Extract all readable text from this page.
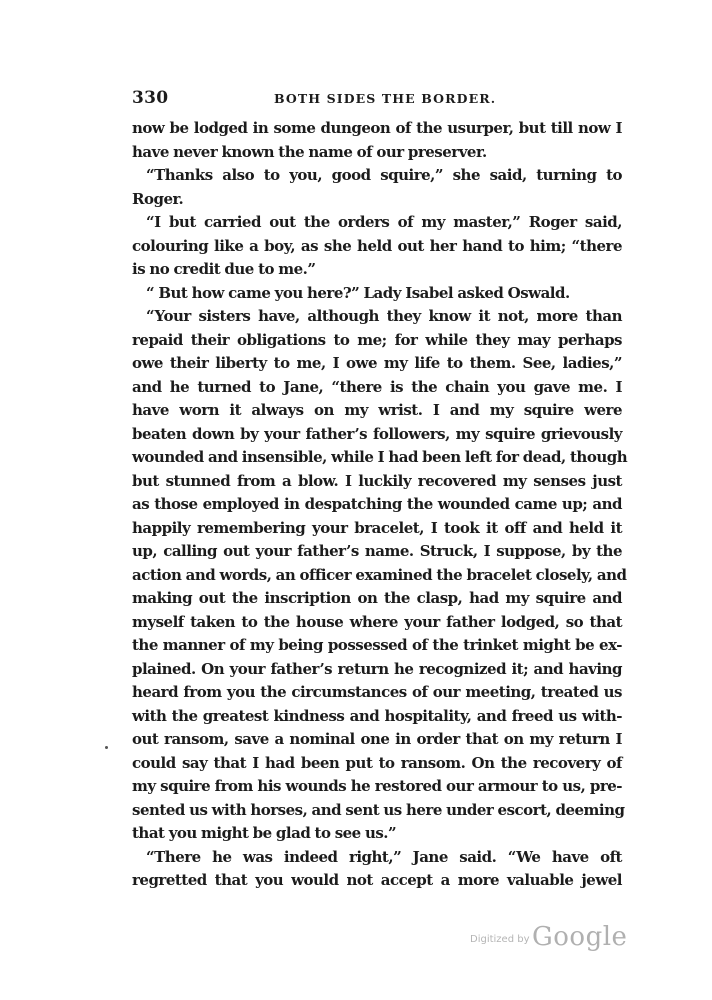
330	BOTH SIDES THE BORDER.
now be lodged in some dungeon of the usurper, but till now I
have never known the name of our preserver.
“Thanks also to you, good squire,” she said, turning to
Roger.
“I but carried out the orders of my master,” Roger said,
colouring like a boy, as she held out her hand to him; “there
is no credit due to me.”
“ But how came you here?” Lady Isabel asked Oswald.
“Your sisters have, although they know it not, more than
repaid their obligations to me; for while they may perhaps
owe their liberty to me, I owe my life to them. See, ladies,”
and he turned to Jane, “there is the chain you gave me. I
have worn it always on my wrist. I and my squire were
beaten down by your father’s followers, my squire grievously
wounded and insensible, while I had been left for dead, though
but stunned from a blow. I luckily recovered my senses just
as those employed in despatching the wounded came up; and
happily remembering your bracelet, I took it off and held it
up, calling out your father’s name. Struck, I suppose, by the
action and words, an officer examined the bracelet closely, and
making out the inscription on the clasp, had my squire and
myself taken to the house where your father lodged, so that
the manner of my being possessed of the trinket might be ex-
plained. On your father’s return he recognized it; and having
heard from you the circumstances of our meeting, treated us
with the greatest kindness and hospitality, and freed us with-
out ransom, save a nominal one in order that on my return I
could say that I had been put to ransom. On the recovery of
my squire from his wounds he restored our armour to us, pre-
sented us with horses, and sent us here under escort, deeming
that you might be glad to see us.”
“There he was indeed right,” Jane said. “We have oft
regretted that you would not accept a more valuable jewel
Digitized by Google
